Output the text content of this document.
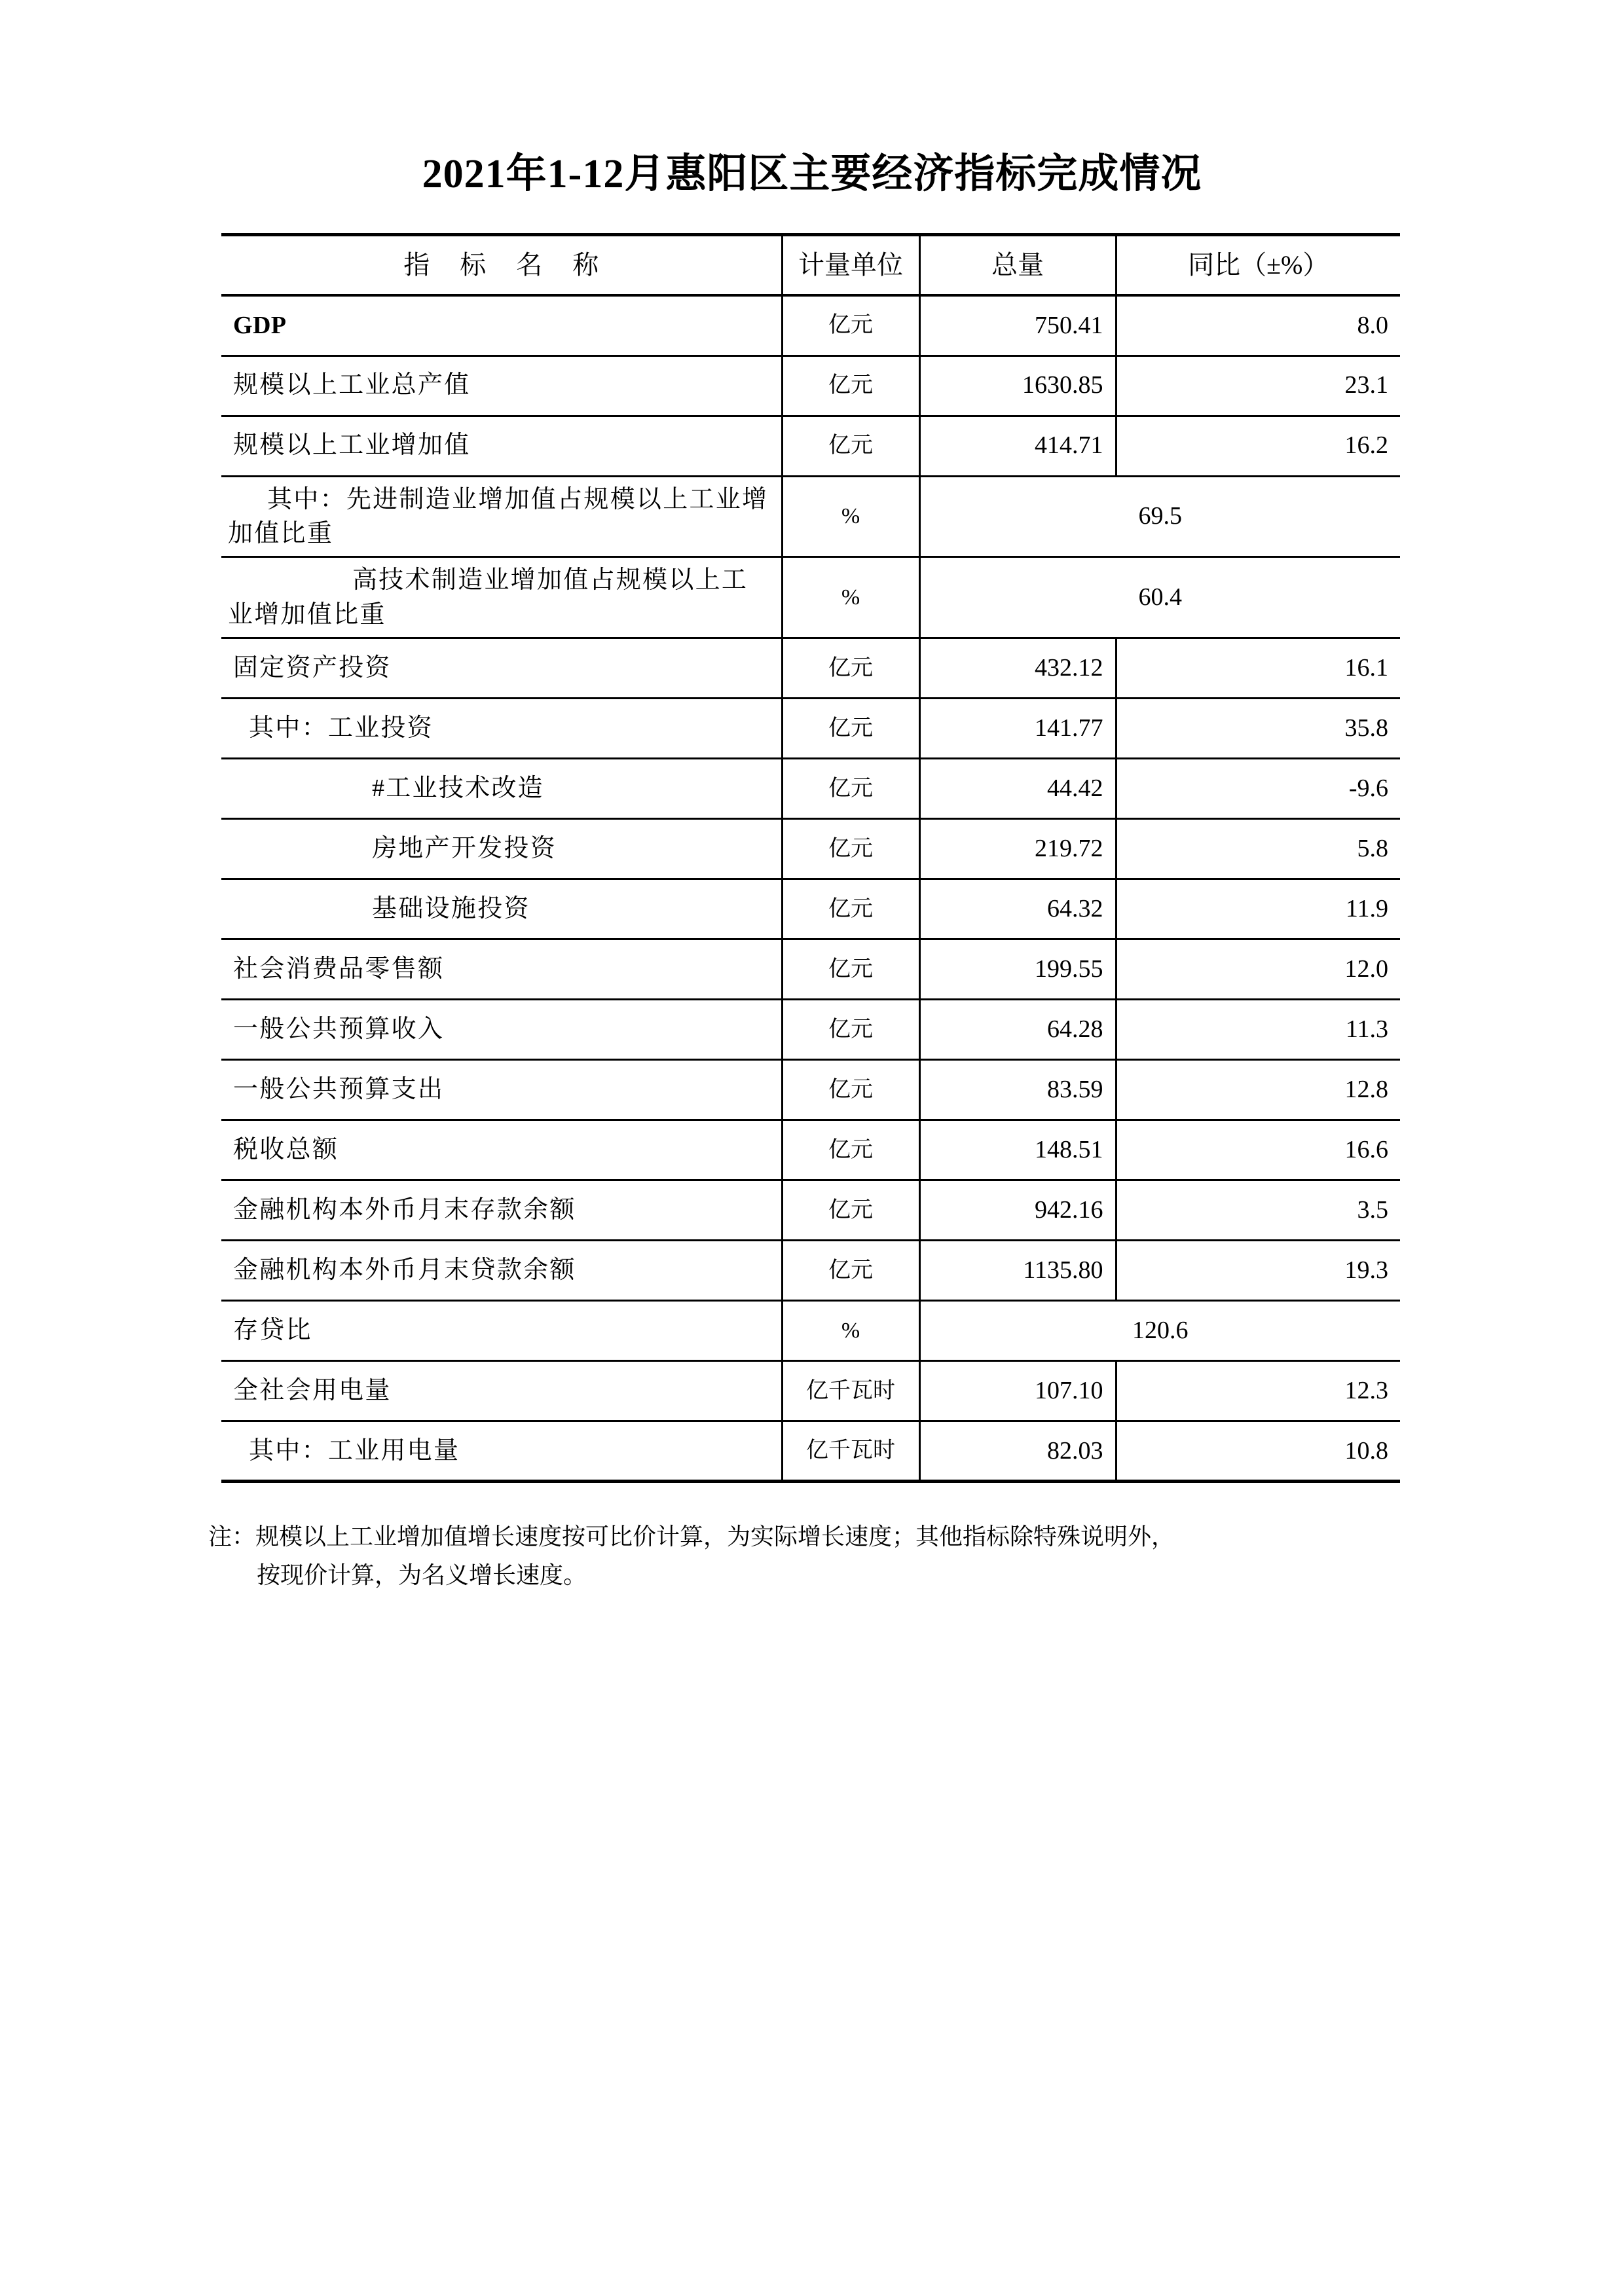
2021年1-12月惠阳区主要经济指标完成情况
指 标 名 称	计量单位	总量	同比（±%）
GDP	亿元	750.41	8.0
规模以上工业总产值	亿元	1630.85	23.1
规模以上工业增加值	亿元	414.71	16.2
其中：先进制造业增加值占规模以上工业增加值比重	%	69.5	
高技术制造业增加值占规模以上工业增加值比重	%	60.4	
固定资产投资	亿元	432.12	16.1
其中：工业投资	亿元	141.77	35.8
#工业技术改造	亿元	44.42	-9.6
房地产开发投资	亿元	219.72	5.8
基础设施投资	亿元	64.32	11.9
社会消费品零售额	亿元	199.55	12.0
一般公共预算收入	亿元	64.28	11.3
一般公共预算支出	亿元	83.59	12.8
税收总额	亿元	148.51	16.6
金融机构本外币月末存款余额	亿元	942.16	3.5
金融机构本外币月末贷款余额	亿元	1135.80	19.3
存贷比	%	120.6	
全社会用电量	亿千瓦时	107.10	12.3
其中：工业用电量	亿千瓦时	82.03	10.8
注：规模以上工业增加值增长速度按可比价计算，为实际增长速度；其他指标除特殊说明外，
按现价计算，为名义增长速度。
